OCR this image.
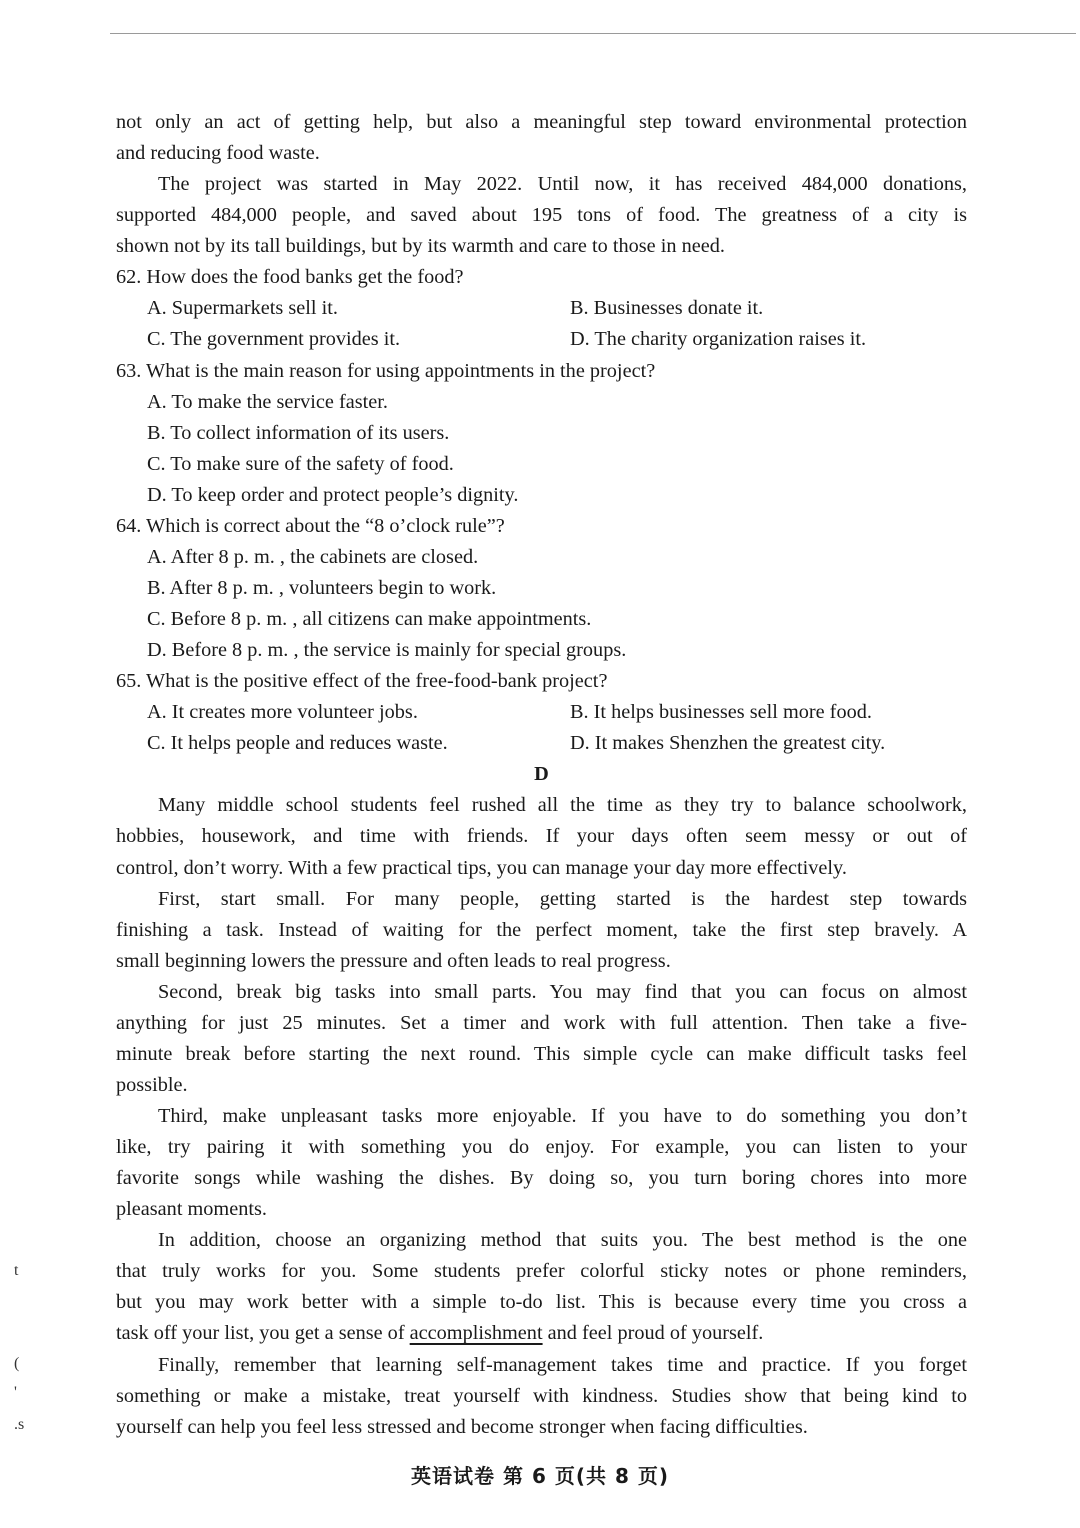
not only an act of getting help, but also a meaningful step toward environmental protection
and reducing food waste.
The project was started in May 2022. Until now, it has received 484,000 donations,
supported 484,000 people, and saved about 195 tons of food. The greatness of a city is
shown not by its tall buildings, but by its warmth and care to those in need.
62. How does the food banks get the food?
A. Supermarkets sell it.	B. Businesses donate it.
C. The government provides it.	D. The charity organization raises it.
63. What is the main reason for using appointments in the project?
A. To make the service faster.
B. To collect information of its users.
C. To make sure of the safety of food.
D. To keep order and protect people’s dignity.
64. Which is correct about the “8 o’clock rule”?
A. After 8 p. m. , the cabinets are closed.
B. After 8 p. m. , volunteers begin to work.
C. Before 8 p. m. , all citizens can make appointments.
D. Before 8 p. m. , the service is mainly for special groups.
65. What is the positive effect of the free-food-bank project?
A. It creates more volunteer jobs.	B. It helps businesses sell more food.
C. It helps people and reduces waste.	D. It makes Shenzhen the greatest city.
D
Many middle school students feel rushed all the time as they try to balance schoolwork,
hobbies, housework, and time with friends. If your days often seem messy or out of
control, don’t worry. With a few practical tips, you can manage your day more effectively.
First, start small. For many people, getting started is the hardest step towards
finishing a task. Instead of waiting for the perfect moment, take the first step bravely. A
small beginning lowers the pressure and often leads to real progress.
Second, break big tasks into small parts. You may find that you can focus on almost
anything for just 25 minutes. Set a timer and work with full attention. Then take a five-
minute break before starting the next round. This simple cycle can make difficult tasks feel
possible.
Third, make unpleasant tasks more enjoyable. If you have to do something you don’t
like, try pairing it with something you do enjoy. For example, you can listen to your
favorite songs while washing the dishes. By doing so, you turn boring chores into more
pleasant moments.
In addition, choose an organizing method that suits you. The best method is the one
that truly works for you. Some students prefer colorful sticky notes or phone reminders,
but you may work better with a simple to-do list. This is because every time you cross a
task off your list, you get a sense of accomplishment and feel proud of yourself.
Finally, remember that learning self-management takes time and practice. If you forget
something or make a mistake, treat yourself with kindness. Studies show that being kind to
yourself can help you feel less stressed and become stronger when facing difficulties.
t
(
'
.s
英语试卷 第 6 页(共 8 页)
